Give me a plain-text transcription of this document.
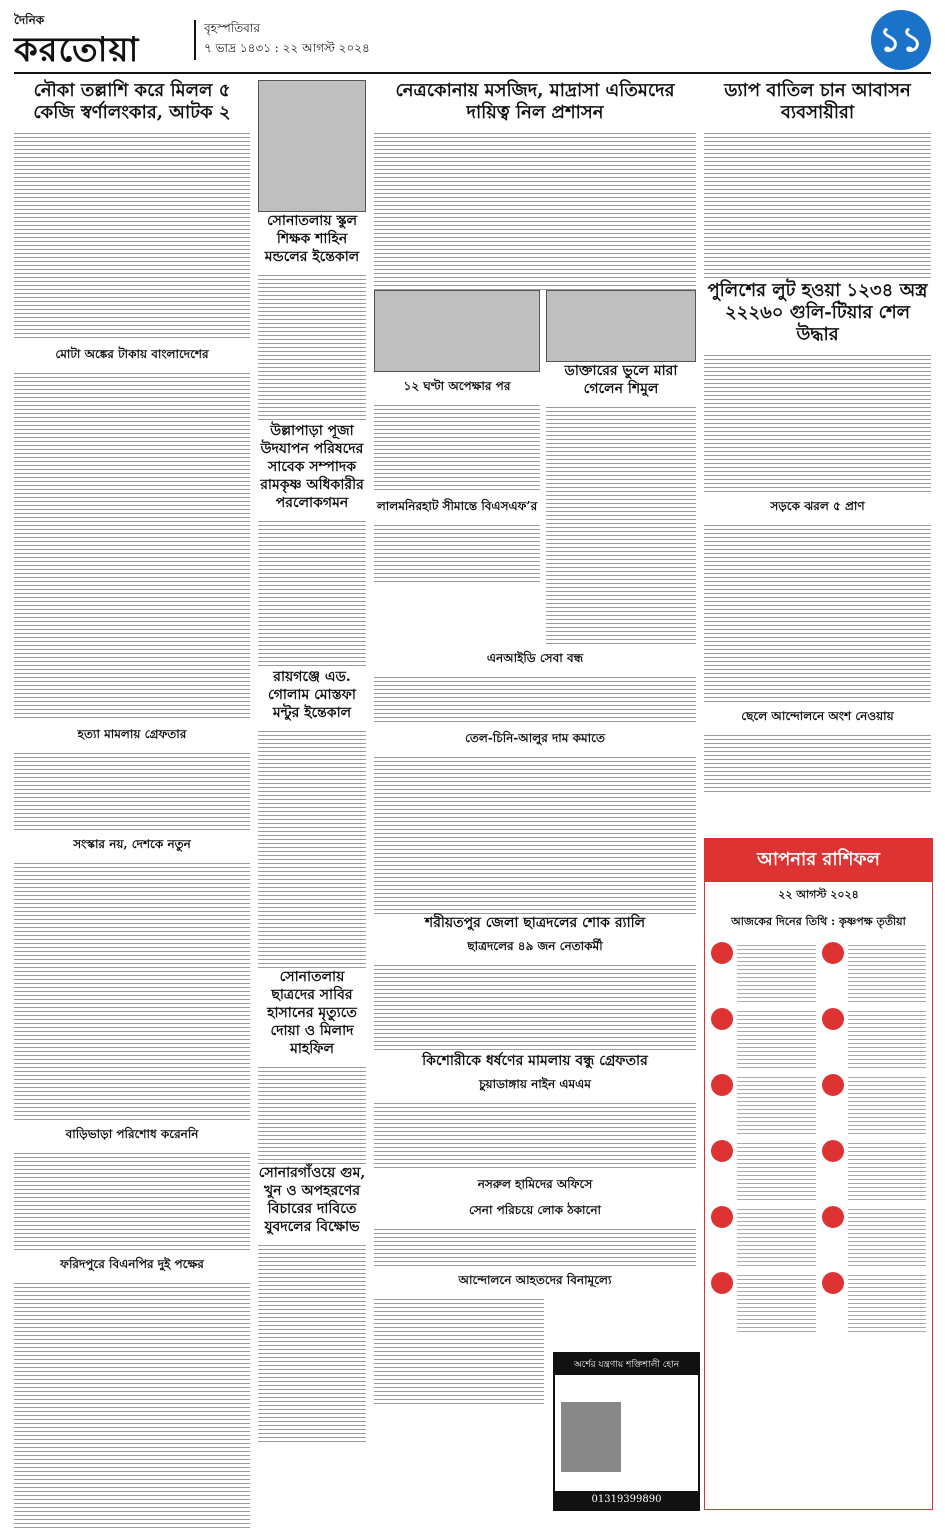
দৈনিক
করতোয়া
বৃহস্পতিবার
৭ ভাদ্র ১৪৩১ : ২২ আগস্ট ২০২৪	১১
নৌকা তল্লাশি করে মিলল ৫ কেজি স্বর্ণালংকার, আটক ২
মোটা অঙ্কের টাকায় বাংলাদেশের
হত্যা মামলায় গ্রেফতার
সংস্কার নয়, দেশকে নতুন
বাড়িভাড়া পরিশোধ করেননি
ফরিদপুরে বিএনপির দুই পক্ষের
সোনাতলায় স্কুল শিক্ষক শাহিন মন্ডলের ইন্তেকাল
উল্লাপাড়া পূজা উদযাপন পরিষদের সাবেক সম্পাদক রামকৃষ্ণ অধিকারীর পরলোকগমন
রায়গঞ্জে এড. গোলাম মোস্তফা মন্টুর ইন্তেকাল
সোনাতলায় ছাত্রদের সাবির হাসানের মৃত্যুতে দোয়া ও মিলাদ মাহফিল
সোনারগাঁওয়ে গুম, খুন ও অপহরণের বিচারের দাবিতে যুবদলের বিক্ষোভ
নেত্রকোনায় মসজিদ, মাদ্রাসা এতিমদের দায়িত্ব নিল প্রশাসন
১২ ঘণ্টা অপেক্ষার পর
লালমনিরহাট সীমান্তে বিএসএফ’র
ডাক্তারের ভুলে মারা গেলেন শিমুল
এনআইডি সেবা বন্ধ
তেল-চিনি-আলুর দাম কমাতে
শরীয়তপুর জেলা ছাত্রদলের শোক র‍্যালি
ছাত্রদলের ৪৯ জন নেতাকর্মী
কিশোরীকে ধর্ষণের মামলায় বন্ধু গ্রেফতার
চুয়াডাঙ্গায় নাইন এমএম
নসরুল হামিদের অফিসে
সেনা পরিচয়ে লোক ঠকানো
আন্দোলনে আহতদের বিনামূল্যে
ড্যাপ বাতিল চান আবাসন ব্যবসায়ীরা
পুলিশের লুট হওয়া ১২৩৪ অস্ত্র ২২২৬০ গুলি-টিয়ার শেল উদ্ধার
সড়কে ঝরল ৫ প্রাণ
ছেলে আন্দোলনে অংশ নেওয়ায়
আপনার রাশিফল
২২ আগস্ট ২০২৪
আজকের দিনের তিথি : কৃষ্ণপক্ষ তৃতীয়া
অর্শের যন্ত্রণায় শক্তিশালী হোন
01319399890
